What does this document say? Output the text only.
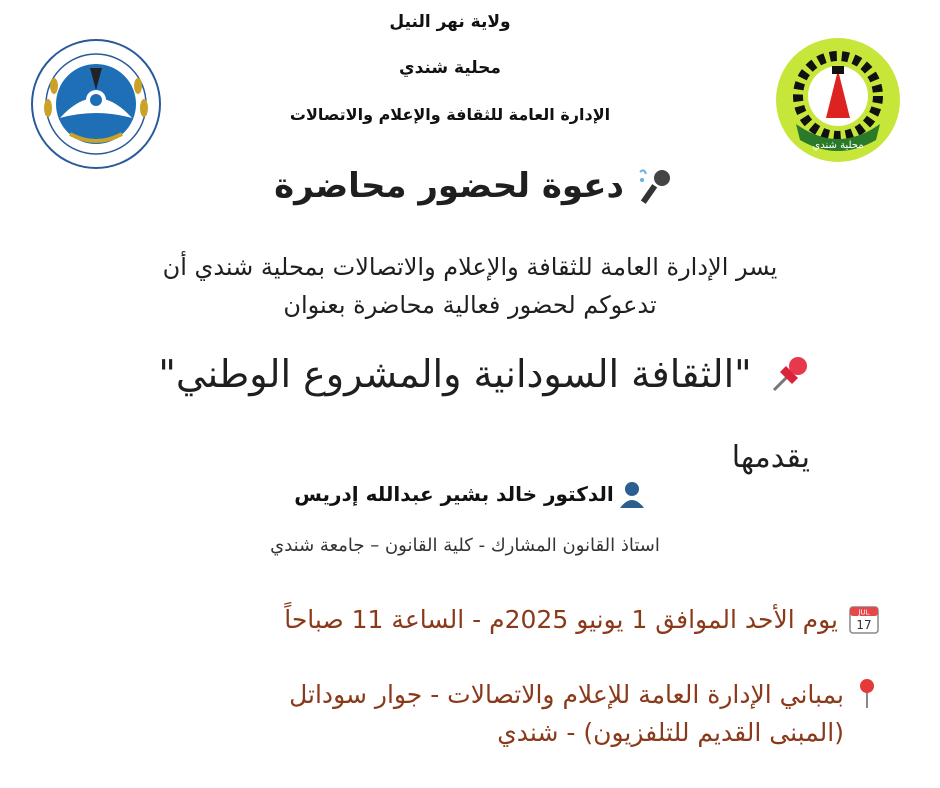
محلية شندي
ولاية نهر النيل
محلية شندي
الإدارة العامة للثقافة والإعلام والاتصالات
دعوة لحضور محاضرة
يسر الإدارة العامة للثقافة والإعلام والاتصالات بمحلية شندي أن
تدعوكم لحضور فعالية محاضرة بعنوان
"الثقافة السودانية والمشروع الوطني"
يقدمها
الدكتور خالد بشير عبدالله إدريس
استاذ القانون المشارك - كلية القانون – جامعة شندي
JUL
17
يوم الأحد الموافق 1 يونيو 2025م - الساعة 11 صباحاً
بمباني الإدارة العامة للإعلام والاتصالات - جوار سوداتل
(المبنى القديم للتلفزيون) - شندي
